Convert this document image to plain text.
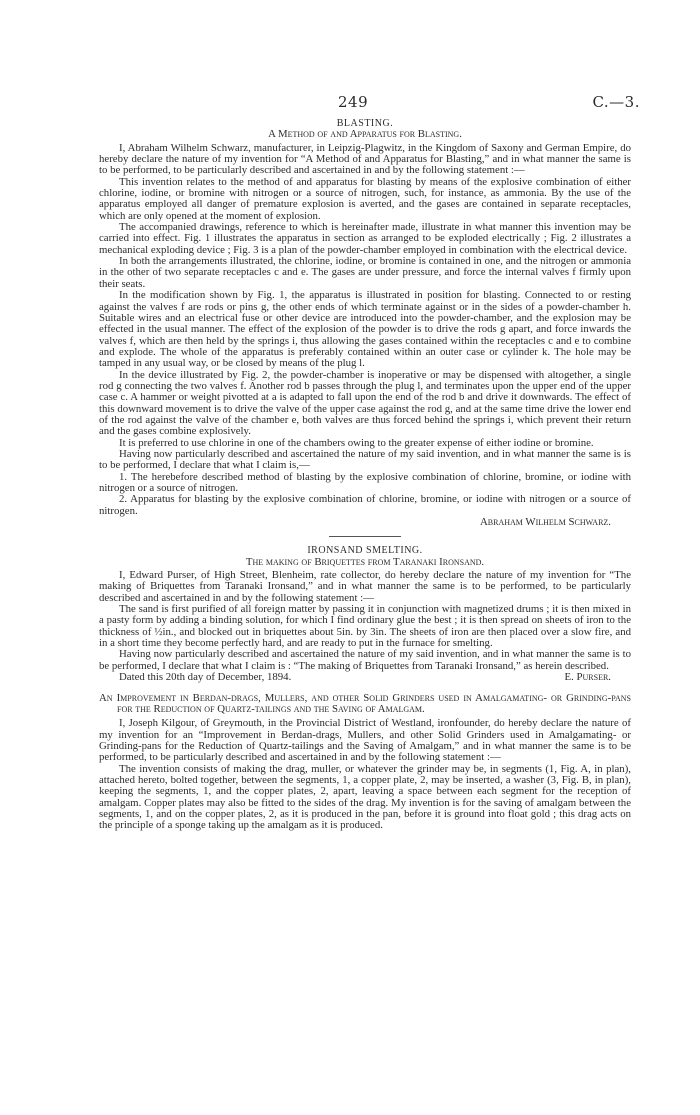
249	C.—3.

BLASTING.

A Method of and Apparatus for Blasting.

I, Abraham Wilhelm Schwarz, manufacturer, in Leipzig-Plagwitz, in the Kingdom of Saxony and German Empire, do hereby declare the nature of my invention for “A Method of and Apparatus for Blasting,” and in what manner the same is to be performed, to be particularly described and ascertained in and by the following statement :—

This invention relates to the method of and apparatus for blasting by means of the explosive combination of either chlorine, iodine, or bromine with nitrogen or a source of nitrogen, such, for instance, as ammonia. By the use of the apparatus employed all danger of premature explosion is averted, and the gases are contained in separate receptacles, which are only opened at the moment of explosion.

The accompanied drawings, reference to which is hereinafter made, illustrate in what manner this invention may be carried into effect. Fig. 1 illustrates the apparatus in section as arranged to be exploded electrically ; Fig. 2 illustrates a mechanical exploding device ; Fig. 3 is a plan of the powder-chamber employed in combination with the electrical device.

In both the arrangements illustrated, the chlorine, iodine, or bromine is contained in one, and the nitrogen or ammonia in the other of two separate receptacles c and e. The gases are under pressure, and force the internal valves f firmly upon their seats.

In the modification shown by Fig. 1, the apparatus is illustrated in position for blasting. Connected to or resting against the valves f are rods or pins g, the other ends of which terminate against or in the sides of a powder-chamber h. Suitable wires and an electrical fuse or other device are introduced into the powder-chamber, and the explosion may be effected in the usual manner. The effect of the explosion of the powder is to drive the rods g apart, and force inwards the valves f, which are then held by the springs i, thus allowing the gases contained within the receptacles c and e to combine and explode. The whole of the apparatus is preferably contained within an outer case or cylinder k. The hole may be tamped in any usual way, or be closed by means of the plug l.

In the device illustrated by Fig. 2, the powder-chamber is inoperative or may be dispensed with altogether, a single rod g connecting the two valves f. Another rod b passes through the plug l, and terminates upon the upper end of the upper case c. A hammer or weight pivotted at a is adapted to fall upon the end of the rod b and drive it downwards. The effect of this downward movement is to drive the valve of the upper case against the rod g, and at the same time drive the lower end of the rod against the valve of the chamber e, both valves are thus forced behind the springs i, which prevent their return and the gases combine explosively.

It is preferred to use chlorine in one of the chambers owing to the greater expense of either iodine or bromine.

Having now particularly described and ascertained the nature of my said invention, and in what manner the same is is to be performed, I declare that what I claim is,—

1. The herebefore described method of blasting by the explosive combination of chlorine, bromine, or iodine with nitrogen or a source of nitrogen.

2. Apparatus for blasting by the explosive combination of chlorine, bromine, or iodine with nitrogen or a source of nitrogen.

Abraham Wilhelm Schwarz.

IRONSAND SMELTING.

The making of Briquettes from Taranaki Ironsand.

I, Edward Purser, of High Street, Blenheim, rate collector, do hereby declare the nature of my invention for “The making of Briquettes from Taranaki Ironsand,” and in what manner the same is to be performed, to be particularly described and ascertained in and by the following statement :—

The sand is first purified of all foreign matter by passing it in conjunction with magnetized drums ; it is then mixed in a pasty form by adding a binding solution, for which I find ordinary glue the best ; it is then spread on sheets of iron to the thickness of ½in., and blocked out in briquettes about 5in. by 3in. The sheets of iron are then placed over a slow fire, and in a short time they become perfectly hard, and are ready to put in the furnace for smelting.

Having now particularly described and ascertained the nature of my said invention, and in what manner the same is to be performed, I declare that what I claim is : “The making of Briquettes from Taranaki Ironsand,” as herein described.

Dated this 20th day of December, 1894.	E. Purser.

An Improvement in Berdan-drags, Mullers, and other Solid Grinders used in Amalgamating- or Grinding-pans for the Reduction of Quartz-tailings and the Saving of Amalgam.

I, Joseph Kilgour, of Greymouth, in the Provincial District of Westland, ironfounder, do hereby declare the nature of my invention for an “Improvement in Berdan-drags, Mullers, and other Solid Grinders used in Amalgamating- or Grinding-pans for the Reduction of Quartz-tailings and the Saving of Amalgam,” and in what manner the same is to be performed, to be particularly described and ascertained in and by the following statement :—

The invention consists of making the drag, muller, or whatever the grinder may be, in segments (1, Fig. A, in plan), attached hereto, bolted together, between the segments, 1, a copper plate, 2, may be inserted, a washer (3, Fig. B, in plan), keeping the segments, 1, and the copper plates, 2, apart, leaving a space between each segment for the reception of amalgam. Copper plates may also be fitted to the sides of the drag. My invention is for the saving of amalgam between the segments, 1, and on the copper plates, 2, as it is produced in the pan, before it is ground into float gold ; this drag acts on the principle of a sponge taking up the amalgam as it is produced.
